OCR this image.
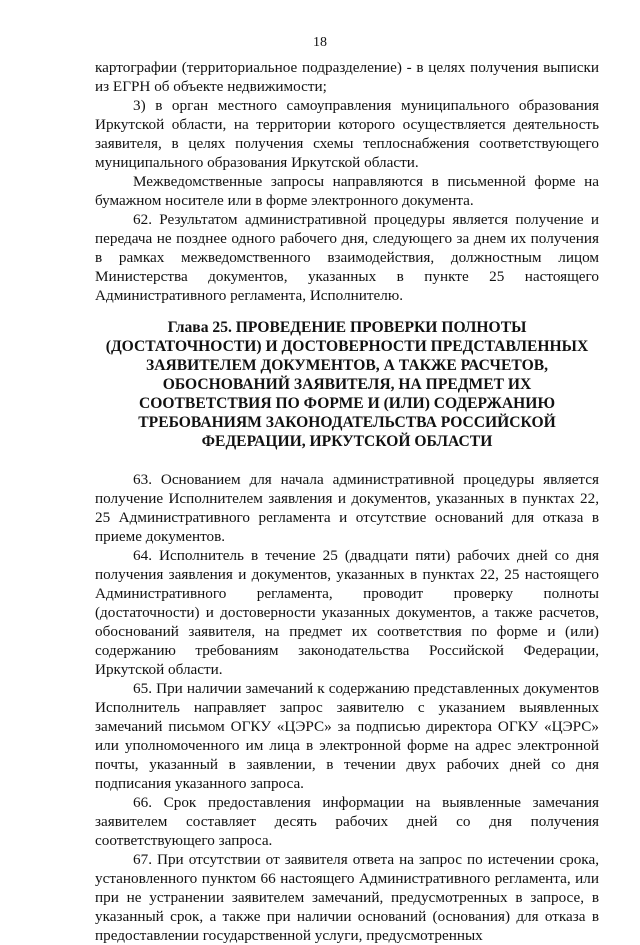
18

картографии (территориальное подразделение) - в целях получения выписки из ЕГРН об объекте недвижимости;

3) в орган местного самоуправления муниципального образования Иркутской области, на территории которого осуществляется деятельность заявителя, в целях получения схемы теплоснабжения соответствующего муниципального образования Иркутской области.

Межведомственные запросы направляются в письменной форме на бумажном носителе или в форме электронного документа.

62. Результатом административной процедуры является получение и передача не позднее одного рабочего дня, следующего за днем их получения в рамках межведомственного взаимодействия, должностным лицом Министерства документов, указанных в пункте 25 настоящего Административного регламента, Исполнителю.

Глава 25. ПРОВЕДЕНИЕ ПРОВЕРКИ ПОЛНОТЫ (ДОСТАТОЧНОСТИ) И ДОСТОВЕРНОСТИ ПРЕДСТАВЛЕННЫХ ЗАЯВИТЕЛЕМ ДОКУМЕНТОВ, А ТАКЖЕ РАСЧЕТОВ, ОБОСНОВАНИЙ ЗАЯВИТЕЛЯ, НА ПРЕДМЕТ ИХ СООТВЕТСТВИЯ ПО ФОРМЕ И (ИЛИ) СОДЕРЖАНИЮ ТРЕБОВАНИЯМ ЗАКОНОДАТЕЛЬСТВА РОССИЙСКОЙ ФЕДЕРАЦИИ, ИРКУТСКОЙ ОБЛАСТИ

63. Основанием для начала административной процедуры является получение Исполнителем заявления и документов, указанных в пунктах 22, 25 Административного регламента и отсутствие оснований для отказа в приеме документов.

64. Исполнитель в течение 25 (двадцати пяти) рабочих дней со дня получения заявления и документов, указанных в пунктах 22, 25 настоящего Административного регламента, проводит проверку полноты (достаточности) и достоверности указанных документов, а также расчетов, обоснований заявителя, на предмет их соответствия по форме и (или) содержанию требованиям законодательства Российской Федерации, Иркутской области.

65. При наличии замечаний к содержанию представленных документов Исполнитель направляет запрос заявителю с указанием выявленных замечаний письмом ОГКУ «ЦЭРС» за подписью директора ОГКУ «ЦЭРС» или уполномоченного им лица в электронной форме на адрес электронной почты, указанный в заявлении, в течении двух рабочих дней со дня подписания указанного запроса.

66. Срок предоставления информации на выявленные замечания заявителем составляет десять рабочих дней со дня получения соответствующего запроса.

67. При отсутствии от заявителя ответа на запрос по истечении срока, установленного пунктом 66 настоящего Административного регламента, или при не устранении заявителем замечаний, предусмотренных в запросе, в указанный срок, а также при наличии оснований (основания) для отказа в предоставлении государственной услуги, предусмотренных
